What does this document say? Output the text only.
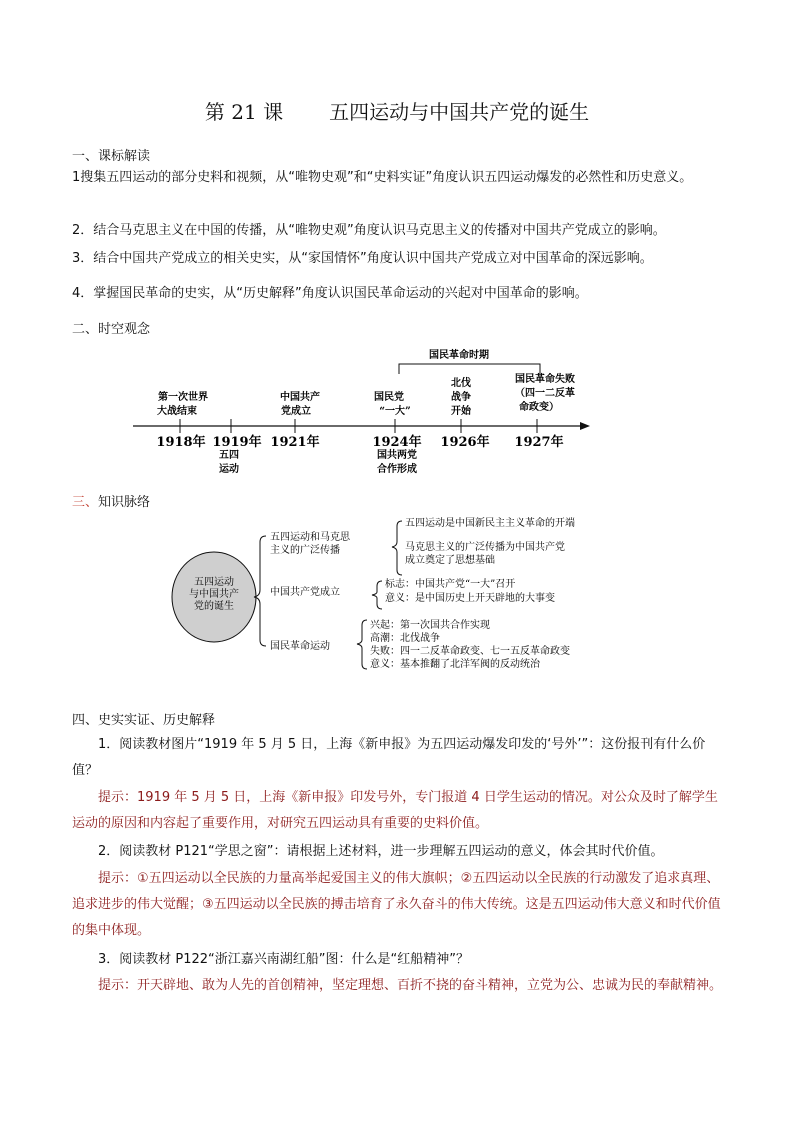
第 21 课 五四运动与中国共产党的诞生
一、课标解读
1搜集五四运动的部分史料和视频，从“唯物史观”和“史料实证”角度认识五四运动爆发的必然性和历史意义。
2．结合马克思主义在中国的传播，从“唯物史观”角度认识马克思主义的传播对中国共产党成立的影响。
3．结合中国共产党成立的相关史实，从“家国情怀”角度认识中国共产党成立对中国革命的深远影响。
4．掌握国民革命的史实，从“历史解释”角度认识国民革命运动的兴起对中国革命的影响。
二、时空观念
国民革命时期
第一次世界
大战结束
中国共产
党成立
国民党
“一大”
北伐
战争
开始
国民革命失败
（四一二反革
命政变）
1918年 1919年 1921年	1924年 1926年 1927年
五四
运动
国共两党
合作形成
三、知识脉络
五四运动
与中国共产
党的诞生
五四运动和马克思
主义的广泛传播
中国共产党成立
国民革命运动
五四运动是中国新民主主义革命的开端
马克思主义的广泛传播为中国共产党
成立奠定了思想基础
标志：中国共产党“一大”召开
意义：是中国历史上开天辟地的大事变
兴起：第一次国共合作实现
高潮：北伐战争
失败：四一二反革命政变、七一五反革命政变
意义：基本推翻了北洋军阀的反动统治
四、史实实证、历史解释
1．阅读教材图片“1919 年 5 月 5 日，上海《新申报》为五四运动爆发印发的‘号外’”：这份报刊有什么价值？
提示：1919 年 5 月 5 日，上海《新申报》印发号外，专门报道 4 日学生运动的情况。对公众及时了解学生运动的原因和内容起了重要作用，对研究五四运动具有重要的史料价值。
2．阅读教材 P121“学思之窗”：请根据上述材料，进一步理解五四运动的意义，体会其时代价值。
提示：①五四运动以全民族的力量高举起爱国主义的伟大旗帜；②五四运动以全民族的行动激发了追求真理、追求进步的伟大觉醒；③五四运动以全民族的搏击培育了永久奋斗的伟大传统。这是五四运动伟大意义和时代价值的集中体现。
3．阅读教材 P122“浙江嘉兴南湖红船”图：什么是“红船精神”？
提示：开天辟地、敢为人先的首创精神，坚定理想、百折不挠的奋斗精神，立党为公、忠诚为民的奉献精神。
